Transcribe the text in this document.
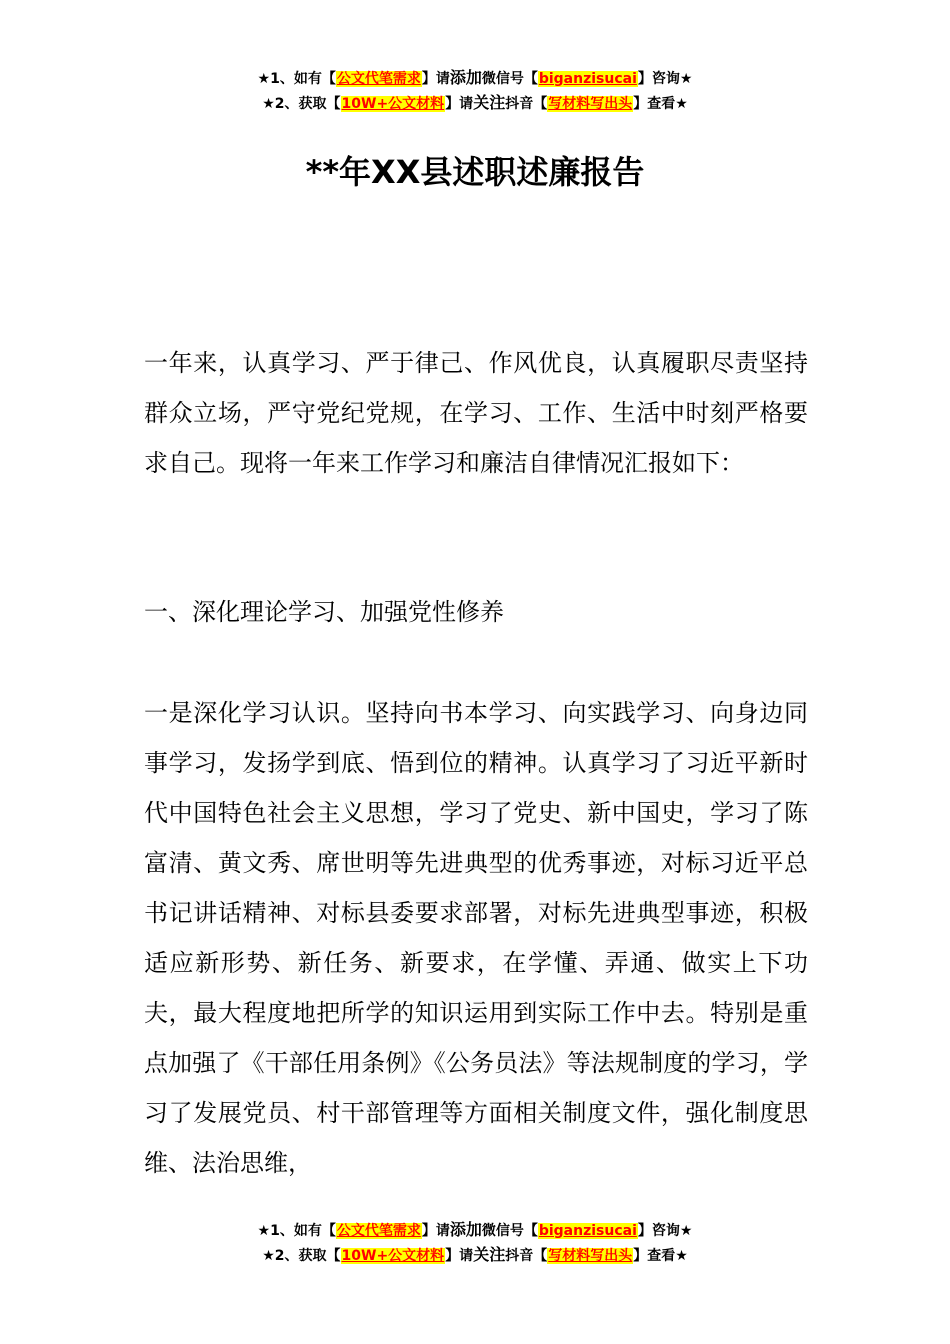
★1、如有【公文代笔需求】请添加微信号【biganzisucai】咨询★
★2、获取【10W+公文材料】请关注抖音【写材料写出头】查看★
**年XX县述职述廉报告

一年来，认真学习、严于律己、作风优良，认真履职尽责坚持群众立场，严守党纪党规，在学习、工作、生活中时刻严格要求自己。现将一年来工作学习和廉洁自律情况汇报如下：

一、深化理论学习、加强党性修养

一是深化学习认识。坚持向书本学习、向实践学习、向身边同事学习，发扬学到底、悟到位的精神。认真学习了习近平新时代中国特色社会主义思想，学习了党史、新中国史，学习了陈富清、黄文秀、席世明等先进典型的优秀事迹，对标习近平总书记讲话精神、对标县委要求部署，对标先进典型事迹，积极适应新形势、新任务、新要求，在学懂、弄通、做实上下功夫，最大程度地把所学的知识运用到实际工作中去。特别是重点加强了《干部任用条例》《公务员法》等法规制度的学习，学习了发展党员、村干部管理等方面相关制度文件，强化制度思维、法治思维，

★1、如有【公文代笔需求】请添加微信号【biganzisucai】咨询★
★2、获取【10W+公文材料】请关注抖音【写材料写出头】查看★
